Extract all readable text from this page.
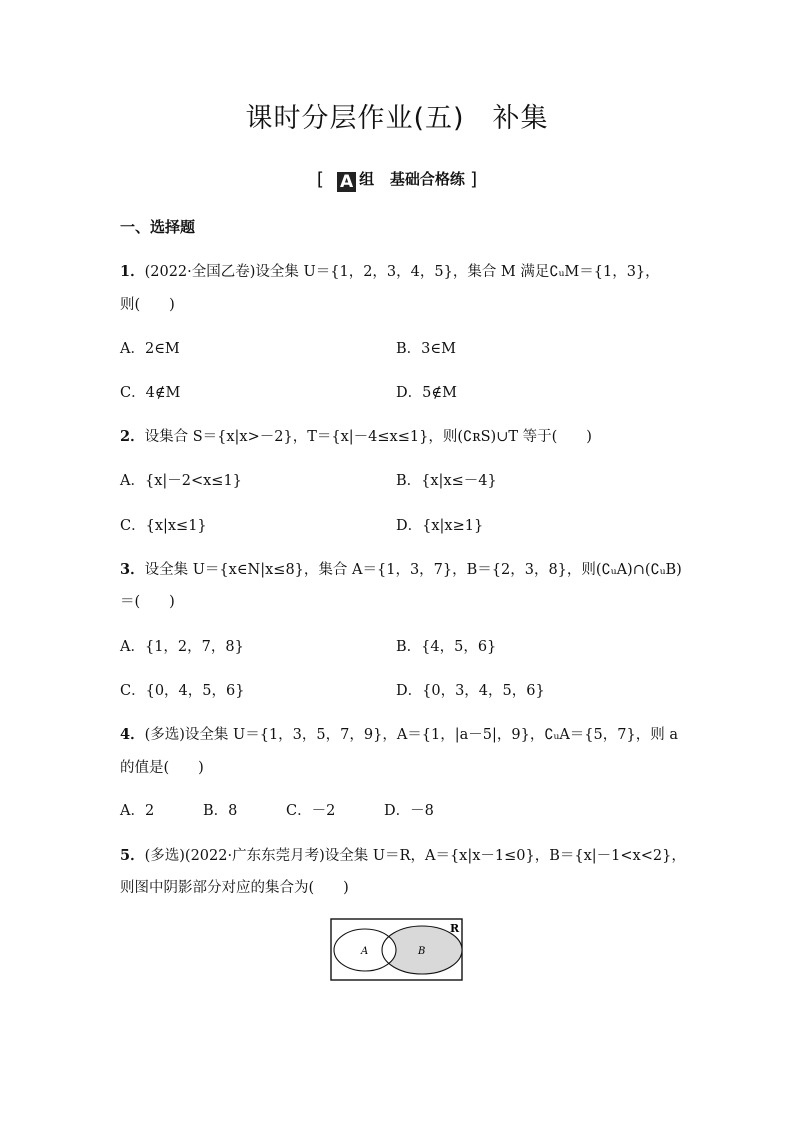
课时分层作业(五)　补集
[ A 组 基础合格练 ]
一、选择题
1．(2022·全国乙卷)设全集 U＝{1，2，3，4，5}，集合 M 满足∁ᵤM＝{1，3}，
则(　　)
A．2∈M	B．3∈M
C．4∉M	D．5∉M
2．设集合 S＝{x|x>－2}，T＝{x|－4≤x≤1}，则(∁ʀS)∪T 等于(　　)
A．{x|－2<x≤1}	B．{x|x≤－4}
C．{x|x≤1}	D．{x|x≥1}
3．设全集 U＝{x∈N|x≤8}，集合 A＝{1，3，7}，B＝{2，3，8}，则(∁ᵤA)∩(∁ᵤB)
＝(　　)
A．{1，2，7，8}	B．{4，5，6}
C．{0，4，5，6}	D．{0，3，4，5，6}
4．(多选)设全集 U＝{1，3，5，7，9}，A＝{1，|a－5|，9}，∁ᵤA＝{5，7}，则 a
的值是(　　)
A．2	B．8	C．－2	D．－8
5．(多选)(2022·广东东莞月考)设全集 U＝R，A＝{x|x－1≤0}，B＝{x|－1<x<2}，
则图中阴影部分对应的集合为(　　)
R
A	B
